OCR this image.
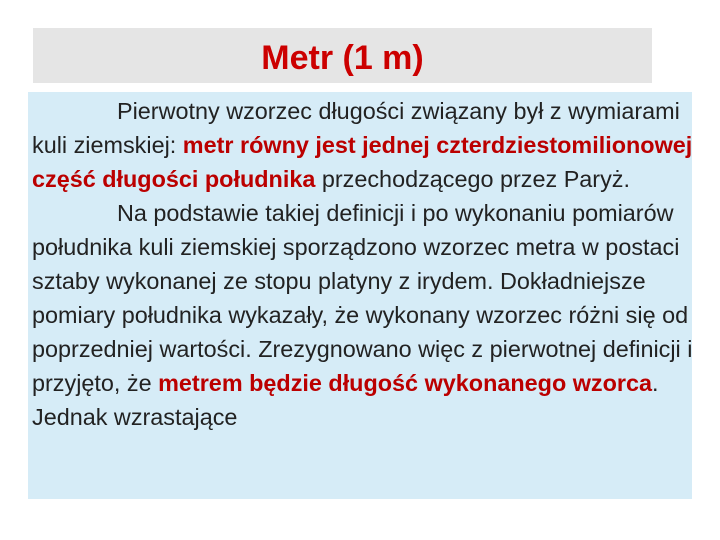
Metr (1 m)

Pierwotny wzorzec długości związany był z wymiarami kuli ziemskiej: metr równy jest jednej czterdziestomilionowej część długości południka przechodzącego przez Paryż.
Na podstawie takiej definicji i po wykonaniu pomiarów południka kuli ziemskiej sporządzono wzorzec metra w postaci sztaby wykonanej ze stopu platyny z irydem. Dokładniejsze pomiary południka wykazały, że wykonany wzorzec różni się od poprzedniej wartości. Zrezygnowano więc z pierwotnej definicji i przyjęto, że metrem będzie długość wykonanego wzorca. Jednak wzrastające
